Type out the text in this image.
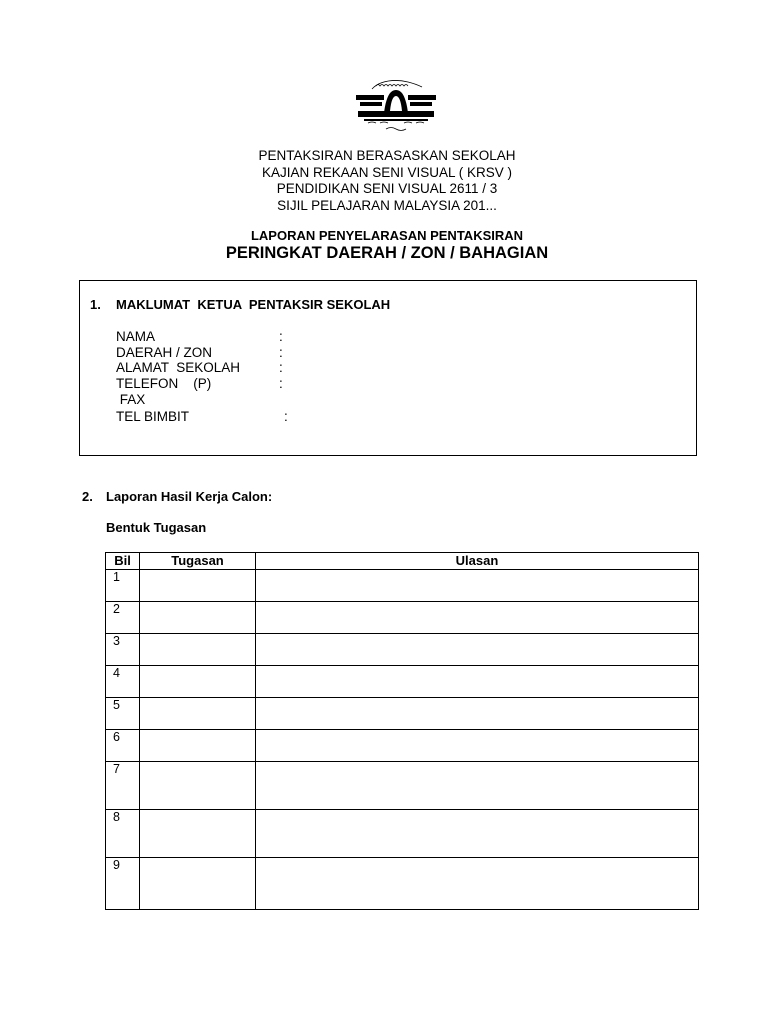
PENTAKSIRAN BERASASKAN SEKOLAH
KAJIAN REKAAN SENI VISUAL ( KRSV )
PENDIDIKAN SENI VISUAL 2611 / 3
SIJIL PELAJARAN MALAYSIA 201...
LAPORAN PENYELARASAN PENTAKSIRAN
PERINGKAT DAERAH / ZON / BAHAGIAN
1. MAKLUMAT  KETUA  PENTAKSIR SEKOLAH
NAMA	:
DAERAH / ZON	:
ALAMAT  SEKOLAH	:
TELEFON    (P)	:
FAX
TEL BIMBIT	:
2. Laporan Hasil Kerja Calon:
Bentuk Tugasan
Bil	Tugasan	Ulasan
1		
2		
3		
4		
5		
6		
7		
8		
9		
